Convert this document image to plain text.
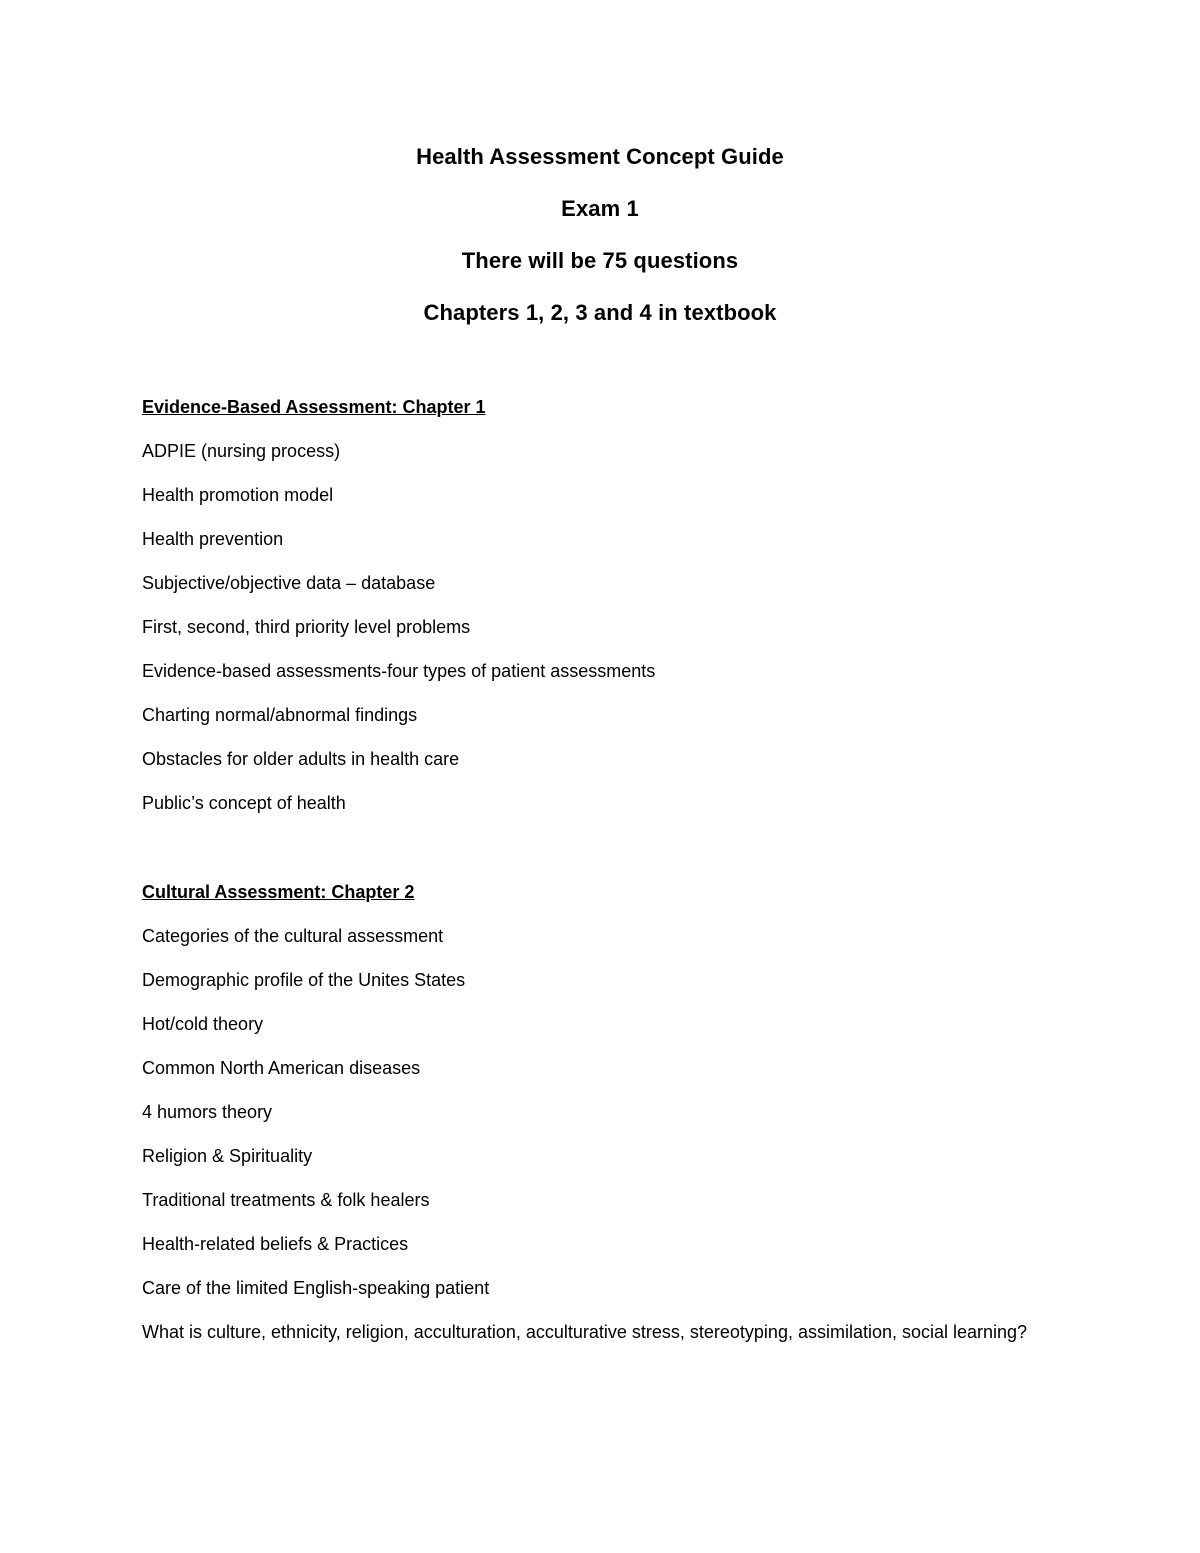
Health Assessment Concept Guide
Exam 1
There will be 75 questions
Chapters 1, 2, 3 and 4 in textbook
Evidence-Based Assessment: Chapter 1
ADPIE (nursing process)
Health promotion model
Health prevention
Subjective/objective data – database
First, second, third priority level problems
Evidence-based assessments-four types of patient assessments
Charting normal/abnormal findings
Obstacles for older adults in health care
Public’s concept of health
Cultural Assessment: Chapter 2
Categories of the cultural assessment
Demographic profile of the Unites States
Hot/cold theory
Common North American diseases
4 humors theory
Religion & Spirituality
Traditional treatments & folk healers
Health-related beliefs & Practices
Care of the limited English-speaking patient
What is culture, ethnicity, religion, acculturation, acculturative stress, stereotyping, assimilation, social learning?
